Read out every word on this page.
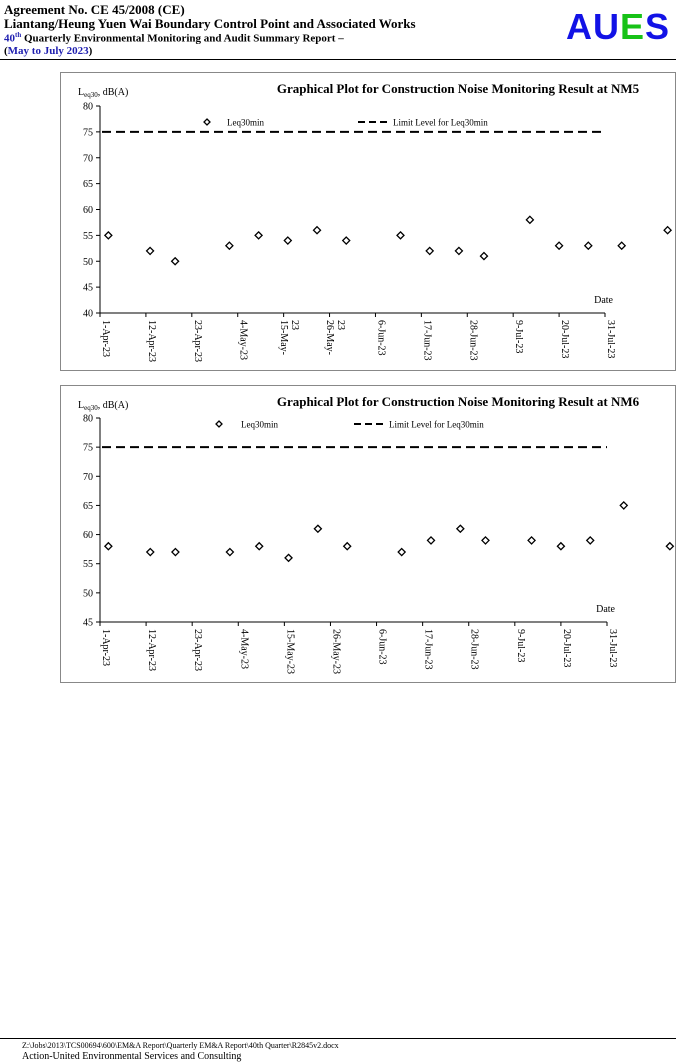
Agreement No. CE 45/2008 (CE)
Liantang/Heung Yuen Wai Boundary Control Point and Associated Works
40th Quarterly Environmental Monitoring and Audit Summary Report –
(May to July 2023)
AUES
Graphical Plot for Construction Noise Monitoring Result at NM5
$L_{eq30}$, dB(A)
40
45
50
55
60
65
70
75
80
1-Apr-23	12-Apr-23	23-Apr-23	4-May-23	15-May- 23 26-May- 23	6-Jun-23	17-Jun-23	28-Jun-23	9-Jul-23	20-Jul-23	31-Jul-23
Date
Leq30min	Limit Level for Leq30min
Graphical Plot for Construction Noise Monitoring Result at NM6
$L_{eq30}$, dB(A)
45
50
55
60
65
70
75
80
1-Apr-23	12-Apr-23	23-Apr-23	4-May-23	15-May-23	26-May-23	6-Jun-23	17-Jun-23	28-Jun-23	9-Jul-23	20-Jul-23	31-Jul-23
Date
Leq30min	Limit Level for Leq30min
Z:\Jobs\2013\TCS00694\600\EM&A Report\Quarterly EM&A Report\40th Quarter\R2845v2.docx
Action-United Environmental Services and Consulting
